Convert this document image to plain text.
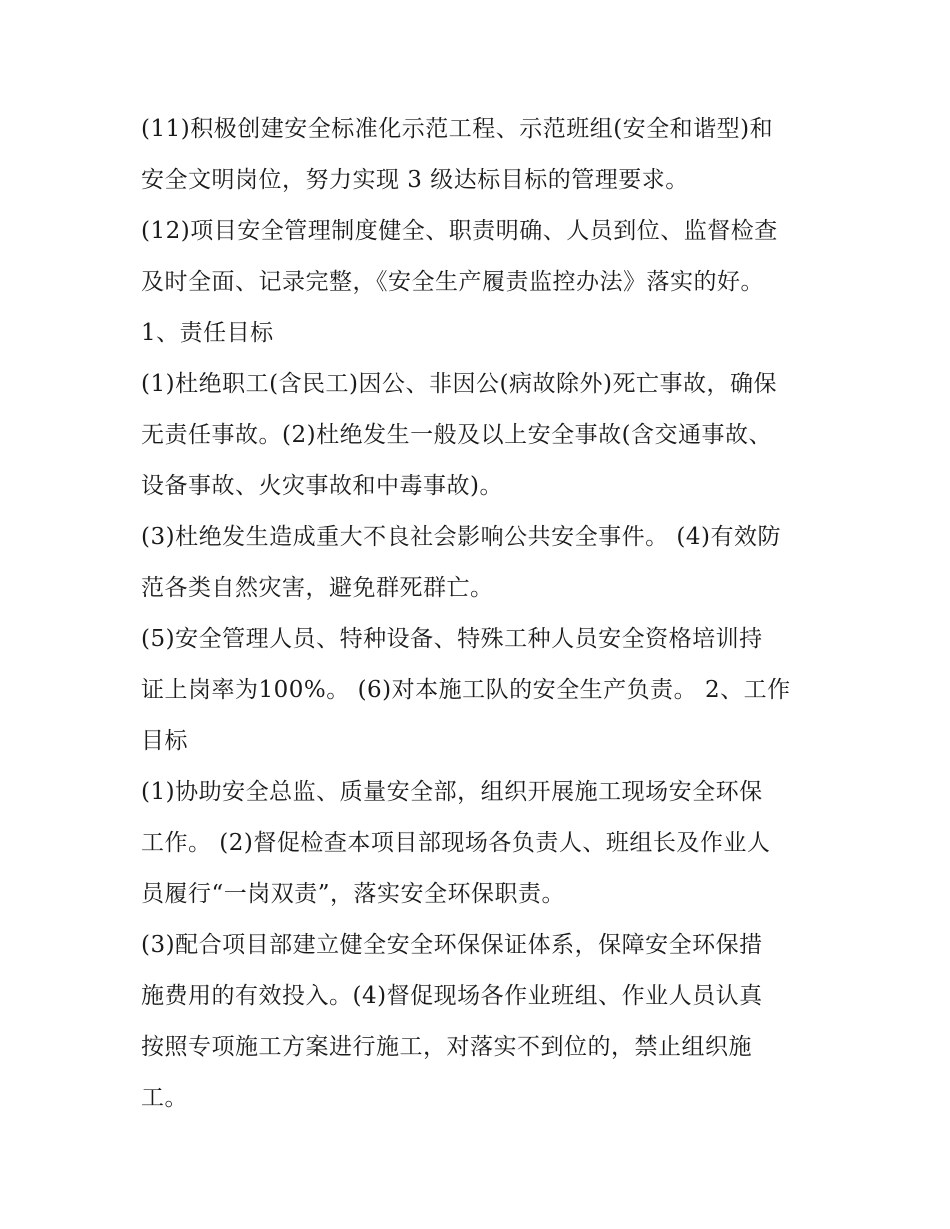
(11)积极创建安全标准化示范工程、示范班组(安全和谐型)和
安全文明岗位，努力实现 3 级达标目标的管理要求。

(12)项目安全管理制度健全、职责明确、人员到位、监督检查
及时全面、记录完整，《安全生产履责监控办法》落实的好。

1、责任目标

(1)杜绝职工(含民工)因公、非因公(病故除外)死亡事故，确保
无责任事故。(2)杜绝发生一般及以上安全事故(含交通事故、
设备事故、火灾事故和中毒事故)。

(3)杜绝发生造成重大不良社会影响公共安全事件。 (4)有效防
范各类自然灾害，避免群死群亡。

(5)安全管理人员、特种设备、特殊工种人员安全资格培训持
证上岗率为100%。 (6)对本施工队的安全生产负责。 2、工作
目标

(1)协助安全总监、质量安全部，组织开展施工现场安全环保
工作。 (2)督促检查本项目部现场各负责人、班组长及作业人
员履行“一岗双责”，落实安全环保职责。

(3)配合项目部建立健全安全环保保证体系，保障安全环保措
施费用的有效投入。(4)督促现场各作业班组、作业人员认真
按照专项施工方案进行施工，对落实不到位的，禁止组织施
工。
